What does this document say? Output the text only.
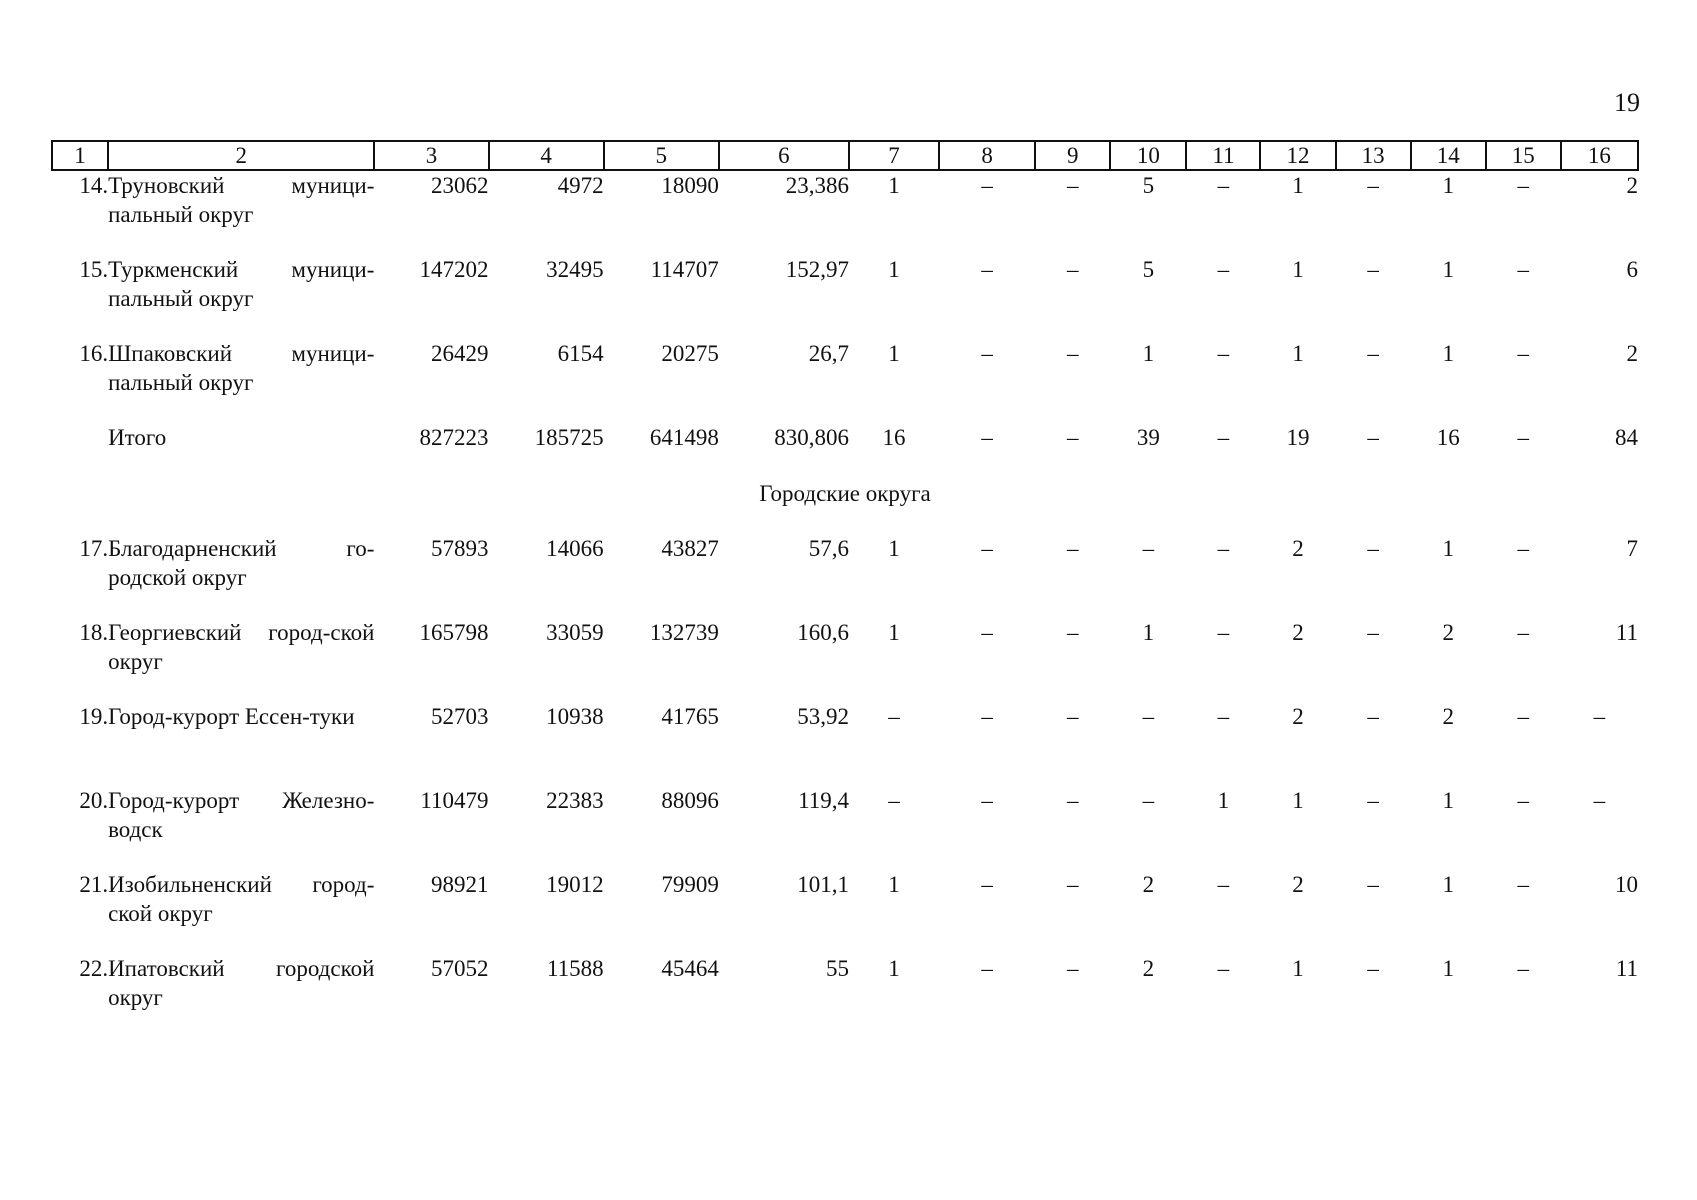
19
1	2	3	4	5	6	7	8	9	10	11	12	13	14	15	16
14.	Труновский муници-пальный округ	23062	4972	18090	23,386	1	–	–	5	–	1	–	1	–	2
15.	Туркменский муници-пальный округ	147202	32495	114707	152,97	1	–	–	5	–	1	–	1	–	6
16.	Шпаковский муници-пальный округ	26429	6154	20275	26,7	1	–	–	1	–	1	–	1	–	2
	Итого	827223	185725	641498	830,806	16	–	–	39	–	19	–	16	–	84
Городские округа															
17.	Благодарненский го-родской округ	57893	14066	43827	57,6	1	–	–	–	–	2	–	1	–	7
18.	Георгиевский город-ской округ	165798	33059	132739	160,6	1	–	–	1	–	2	–	2	–	11
19.	Город-курорт Ессен-туки	52703	10938	41765	53,92	–	–	–	–	–	2	–	2	–	–
20.	Город-курорт Железно-водск	110479	22383	88096	119,4	–	–	–	–	1	1	–	1	–	–
21.	Изобильненский город-ской округ	98921	19012	79909	101,1	1	–	–	2	–	2	–	1	–	10
22.	Ипатовский городской округ	57052	11588	45464	55	1	–	–	2	–	1	–	1	–	11
